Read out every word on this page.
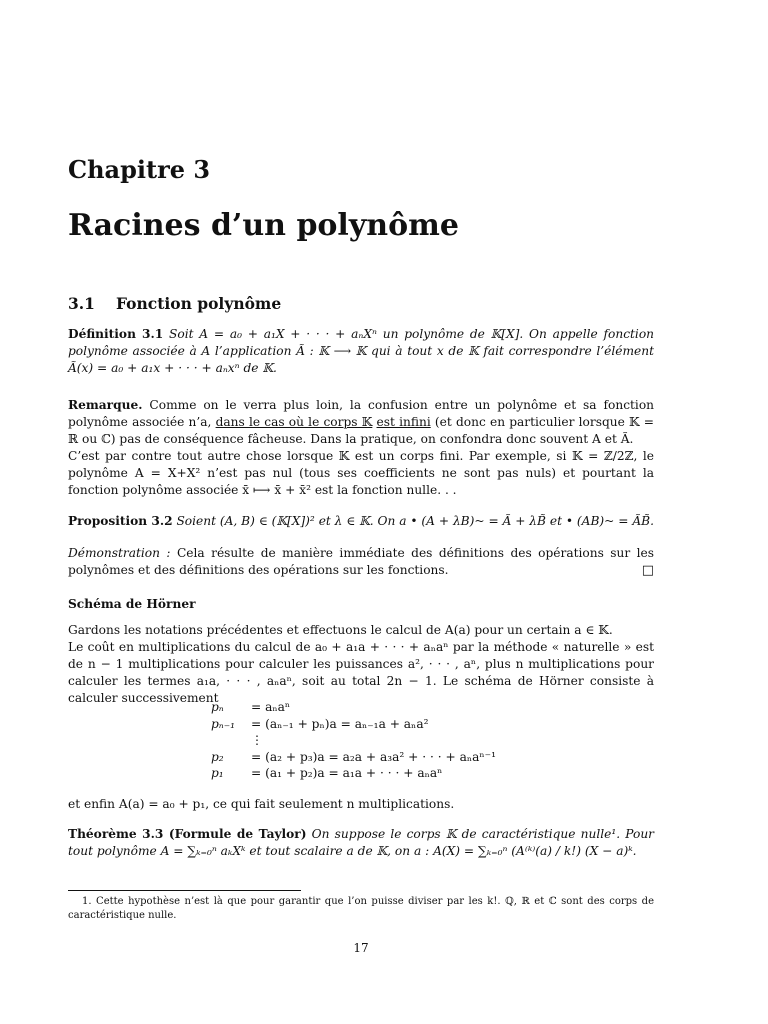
Chapitre 3
Racines d’un polynôme
3.1 Fonction polynôme

Définition 3.1 Soit A = a₀ + a₁X + · · · + aₙXⁿ un polynôme de 𝕂[X]. On appelle fonction polynôme associée à A l’application Ã : 𝕂 ⟶ 𝕂 qui à tout x de 𝕂 fait correspondre l’élément Ã(x) = a₀ + a₁x + · · · + aₙxⁿ de 𝕂.

Remarque. Comme on le verra plus loin, la confusion entre un polynôme et sa fonction polynôme associée n’a, dans le cas où le corps 𝕂 est infini (et donc en particulier lorsque 𝕂 = ℝ ou ℂ) pas de conséquence fâcheuse. Dans la pratique, on confondra donc souvent A et Ã.

C’est par contre tout autre chose lorsque 𝕂 est un corps fini. Par exemple, si 𝕂 = ℤ/2ℤ, le polynôme A = X+X² n’est pas nul (tous ses coefficients ne sont pas nuls) et pourtant la fonction polynôme associée x̄ ⟼ x̄ + x̄² est la fonction nulle. . .

Proposition 3.2 Soient (A, B) ∈ (𝕂[X])² et λ ∈ 𝕂. On a • (A + λB)~ = Ã + λB̃ et • (AB)~ = ÃB̃.

Démonstration : Cela résulte de manière immédiate des définitions des opérations sur les polynômes et des définitions des opérations sur les fonctions.	□

Schéma de Hörner

Gardons les notations précédentes et effectuons le calcul de A(a) pour un certain a ∈ 𝕂.

Le coût en multiplications du calcul de a₀ + a₁a + · · · + aₙaⁿ par la méthode « naturelle » est de n − 1 multiplications pour calculer les puissances a², · · · , aⁿ, plus n multiplications pour calculer les termes a₁a, · · · , aₙaⁿ, soit au total 2n − 1. Le schéma de Hörner consiste à calculer successivement

pₙ	= aₙaⁿ
pₙ₋₁	= (aₙ₋₁ + pₙ)a = aₙ₋₁a + aₙa²
⋮
p₂	= (a₂ + p₃)a = a₂a + a₃a² + · · · + aₙaⁿ⁻¹
p₁	= (a₁ + p₂)a = a₁a + · · · + aₙaⁿ

et enfin A(a) = a₀ + p₁, ce qui fait seulement n multiplications.

Théorème 3.3 (Formule de Taylor) On suppose le corps 𝕂 de caractéristique nulle¹. Pour tout polynôme A = ∑ₖ₌₀ⁿ aₖXᵏ et tout scalaire a de 𝕂, on a : A(X) = ∑ₖ₌₀ⁿ (A⁽ᵏ⁾(a) / k!) (X − a)ᵏ.

1. Cette hypothèse n’est là que pour garantir que l’on puisse diviser par les k!. ℚ, ℝ et ℂ sont des corps de caractéristique nulle.
17
